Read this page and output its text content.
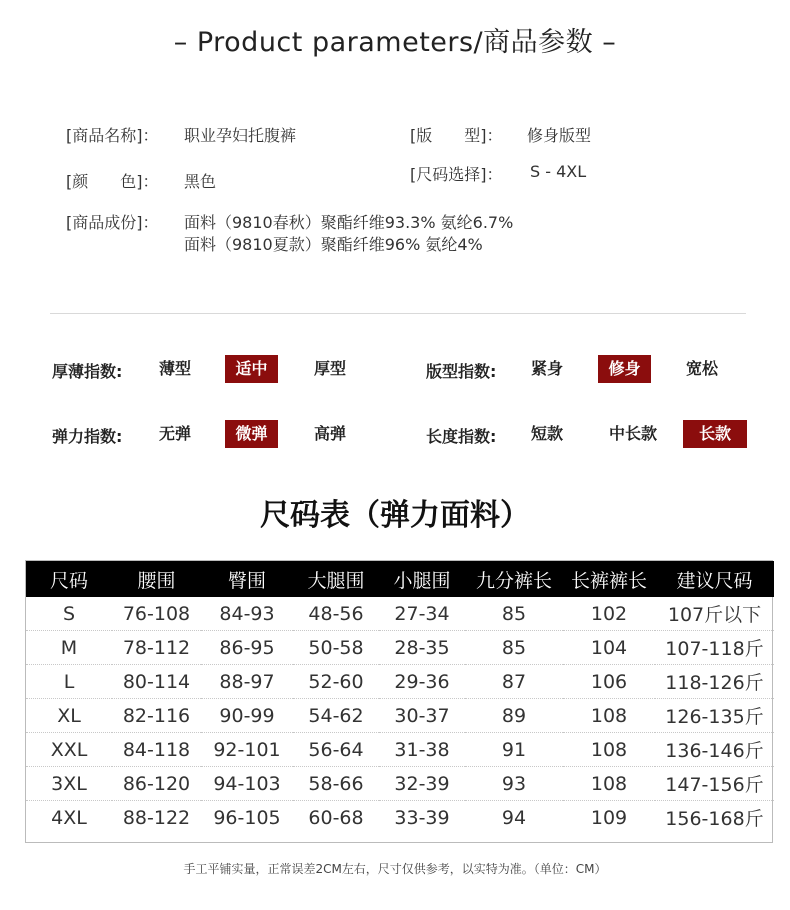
– Product parameters/商品参数 –
[商品名称]： 职业孕妇托腹裤	[版　　型]： 修身版型
[颜　　色]： 黑色	[尺码选择]： S - 4XL
[商品成份]： 面料（9810春秋）聚酯纤维93.3% 氨纶6.7%
面料（9810夏款）聚酯纤维96% 氨纶4%
厚薄指数:	薄型	适中	厚型	版型指数:	紧身	修身	宽松
弹力指数:	无弹	微弹	高弹	长度指数:	短款	中长款	长款
尺码表（弹力面料）
尺码	腰围	臀围	大腿围	小腿围	九分裤长	长裤裤长	建议尺码
S	76-108	84-93	48-56	27-34	85	102	107斤以下
M	78-112	86-95	50-58	28-35	85	104	107-118斤
L	80-114	88-97	52-60	29-36	87	106	118-126斤
XL	82-116	90-99	54-62	30-37	89	108	126-135斤
XXL	84-118	92-101	56-64	31-38	91	108	136-146斤
3XL	86-120	94-103	58-66	32-39	93	108	147-156斤
4XL	88-122	96-105	60-68	33-39	94	109	156-168斤
手工平铺实量，正常误差2CM左右，尺寸仅供参考，以实特为准。（单位：CM）
